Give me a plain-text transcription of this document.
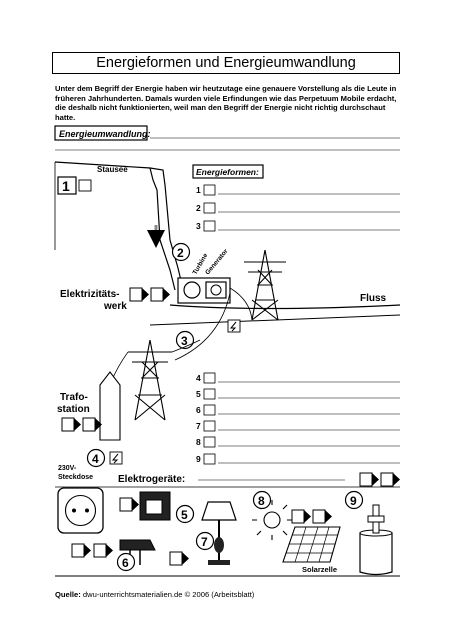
Energieformen und Energieumwandlung
Unter dem Begriff der Energie haben wir heutzutage eine genauere Vorstellung als die Leute in früheren Jahrhunderten. Damals wurden viele Erfindungen wie das Perpetuum Mobile erdacht, die deshalb nicht funktionierten, weil man den Begriff der Energie nicht richtig durchschaut hatte.
Energieumwandlung:
Energieformen:
1
2
3
Stausee
1
2 Turbine
Generator
Elektrizitäts-
werk
Fluss
3
Trafo-
station
4
5
6
7
8
9
4
230V-
Steckdose Elektrogeräte:
5
6
7
8
Solarzelle
9
Quelle: dwu-unterrichtsmaterialien.de © 2006 (Arbeitsblatt)
